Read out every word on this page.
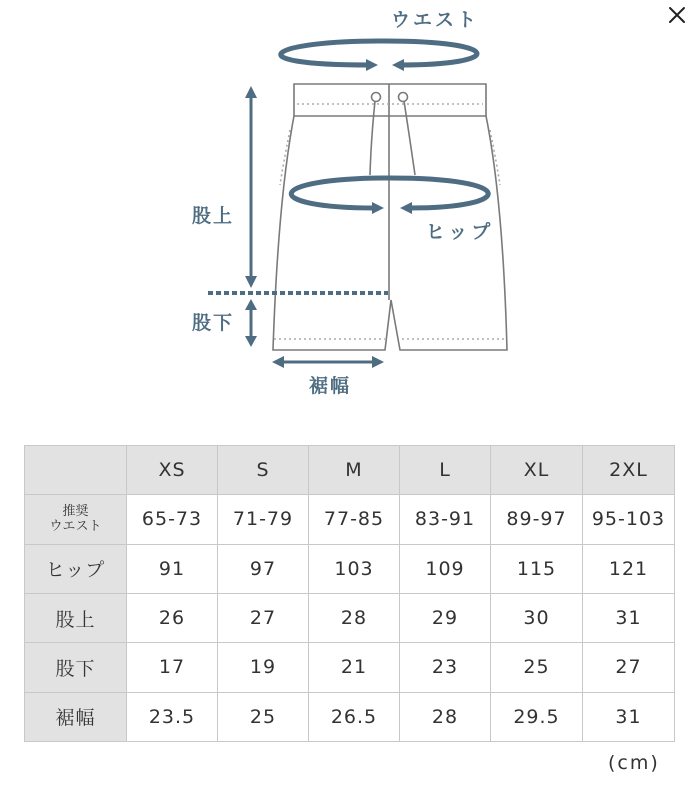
ウエスト
ヒップ
股上
股下
裾幅
	XS	S	M	L	XL	2XL
推奨
ウエスト	65-73	71-79	77-85	83-91	89-97	95-103
ヒップ	91	97	103	109	115	121
股上	26	27	28	29	30	31
股下	17	19	21	23	25	27
裾幅	23.5	25	26.5	28	29.5	31
(cm)
